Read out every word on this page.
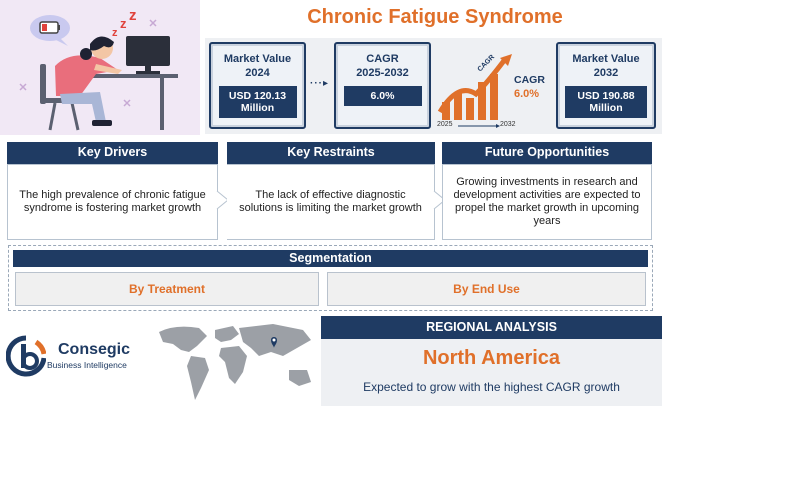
z
z z	Chronic Fatigue Syndrome
Market Value
2024
USD 120.13 Million
···▸
CAGR
2025-2032
6.0%
CAGR
2025	2032
CAGR
6.0%
Market Value
2032
USD 190.88 Million
Key Drivers
The high prevalence of chronic fatigue syndrome is fostering market growth
Key Restraints
The lack of effective diagnostic solutions is limiting the market growth
Future Opportunities
Growing investments in research and development activities are expected to propel the market growth in upcoming years
Segmentation
By Treatment	By End Use
Consegic
Business Intelligence
REGIONAL ANALYSIS
North America
Expected to grow with the highest CAGR growth
